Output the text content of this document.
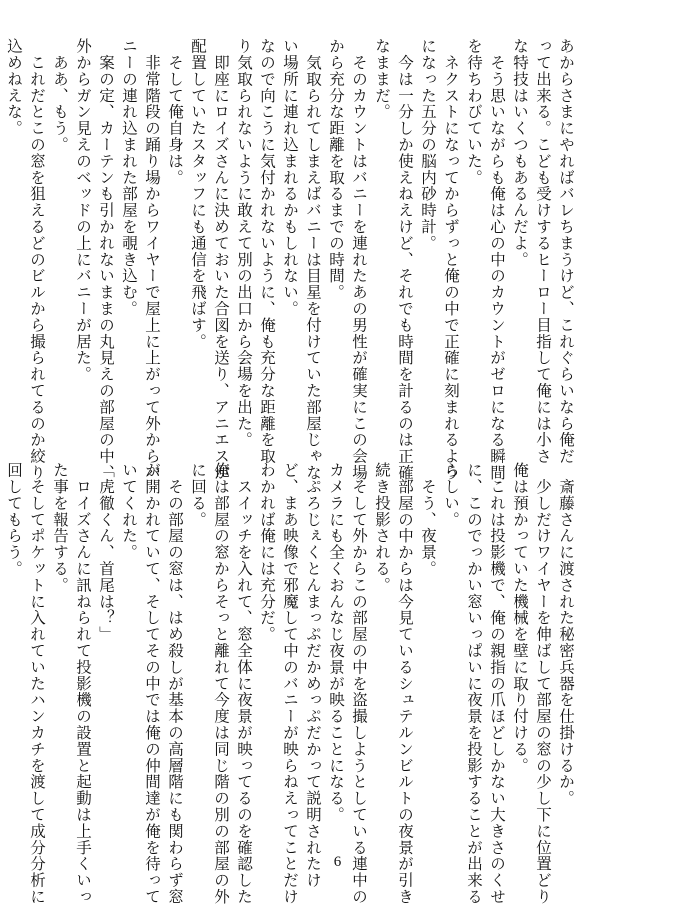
あからさまにやればバレちまうけど、これぐらいなら俺だ
って出来る。こども受けするヒーロー目指して俺には小さ
な特技はいくつもあるんだよ。
　そう思いながらも俺は心の中のカウントがゼロになる瞬間
を待ちわびていた。
　ネクストになってからずっと俺の中で正確に刻まれるよう
になった五分の脳内砂時計。
　今は一分しか使えねえけど、それでも時間を計るのは正確
なままだ。
　そのカウントはバニーを連れたあの男性が確実にこの会場
から充分な距離を取るまでの時間。
　気取られてしまえばバニーは目星を付けていた部屋じゃな
い場所に連れ込まれるかもしれない。
なので向こうに気付かれないように、俺も充分な距離を取
り気取られないように敢えて別の出口から会場を出た。
　即座にロイズさんに決めておいた合図を送り、アニエスが
配置していたスタッフにも通信を飛ばす。
　そして俺自身は。
　非常階段の踊り場からワイヤーで屋上に上がって外からバ
ニーの連れ込まれた部屋を覗き込む。
　案の定、カーテンも引かれないままの丸見えの部屋の中、
外からガン見えのベッドの上にバニーが居た。
　ああ、もう。
　これだとこの窓を狙えるどのビルから撮られてるのか絞り
込めねえな。
　斎藤さんに渡された秘密兵器を仕掛けるか。
　少しだけワイヤーを伸ばして部屋の窓の少し下に位置どり
俺は預かっていた機械を壁に取り付ける。
　これは投影機で、俺の親指の爪ほどしかない大きさのくせ
に、このでっかい窓いっぱいに夜景を投影することが出来る
らしい。
　そう、夜景。
　部屋の中からは今見ているシュテルンビルトの夜景が引き
続き投影される。
　そして外からこの部屋の中を盗撮しようとしている連中の
カメラにも全くおんなじ夜景が映ることになる。
　ぷろじぇくとんまっぷだかめっぷだかって説明されたけ
ど、まあ映像で邪魔して中のバニーが映らねえってことだけ
わかれば俺には充分だ。
　スイッチを入れて、窓全体に夜景が映ってるのを確認した
俺は部屋の窓からそっと離れて今度は同じ階の別の部屋の外
に回る。
　その部屋の窓は、はめ殺しが基本の高層階にも関わらず窓
が開かれていて、そしてその中では俺の仲間達が俺を待って
いてくれた。
「虎徹くん、首尾は？」
　ロイズさんに訊ねられて投影機の設置と起動は上手くいっ
た事を報告する。
　そしてポケットに入れていたハンカチを渡して成分分析に
回してもらう。
6
